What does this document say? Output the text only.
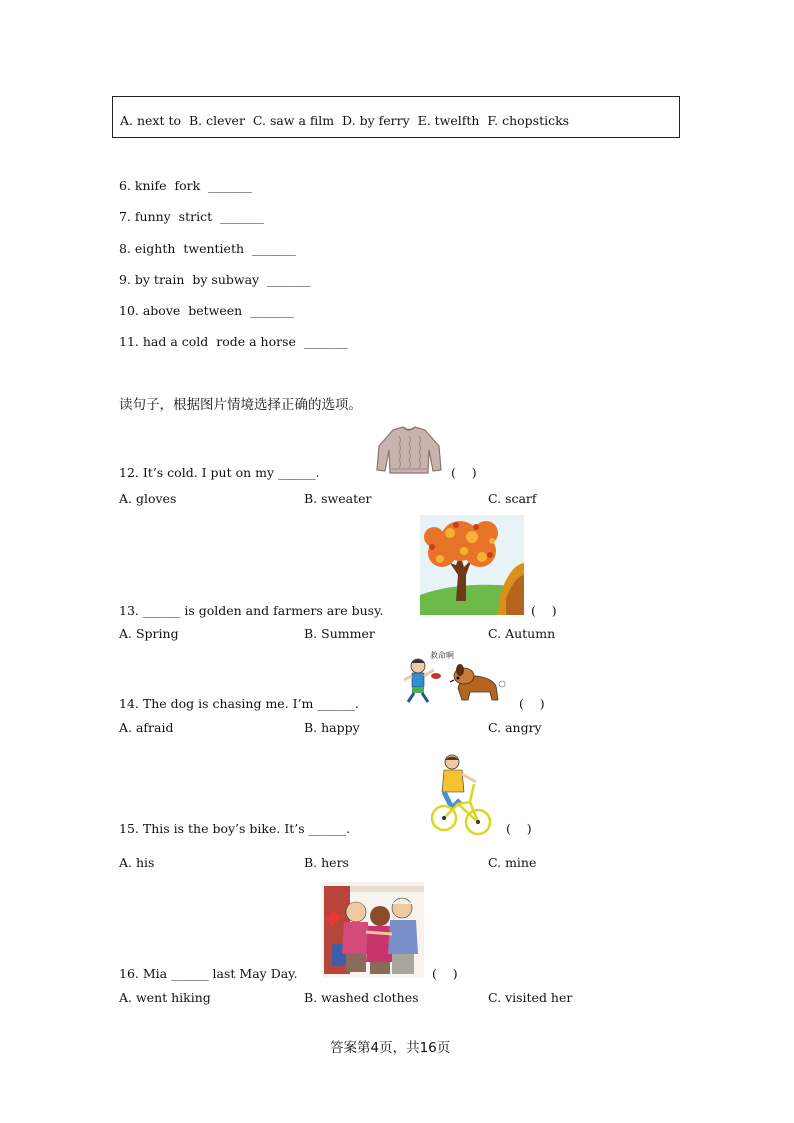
A. next to  B. clever  C. saw a film  D. by ferry  E. twelfth  F. chopsticks
6. knife  fork  _______
7. funny  strict  _______
8. eighth  twentieth  _______
9. by train  by subway  _______
10. above  between  _______
11. had a cold  rode a horse  _______
读句子，根据图片情境选择正确的选项。
12. It’s cold. I put on my ______.	(    )
A. gloves	B. sweater	C. scarf
13. ______ is golden and farmers are busy.	(    )
A. Spring	B. Summer	C. Autumn
救命啊
14. The dog is chasing me. I’m ______.	(    )
A. afraid	B. happy	C. angry
15. This is the boy’s bike. It’s ______.	(    )
A. his	B. hers	C. mine
16. Mia ______ last May Day.	(    )
A. went hiking	B. washed clothes	C. visited her
答案第4页，共16页
